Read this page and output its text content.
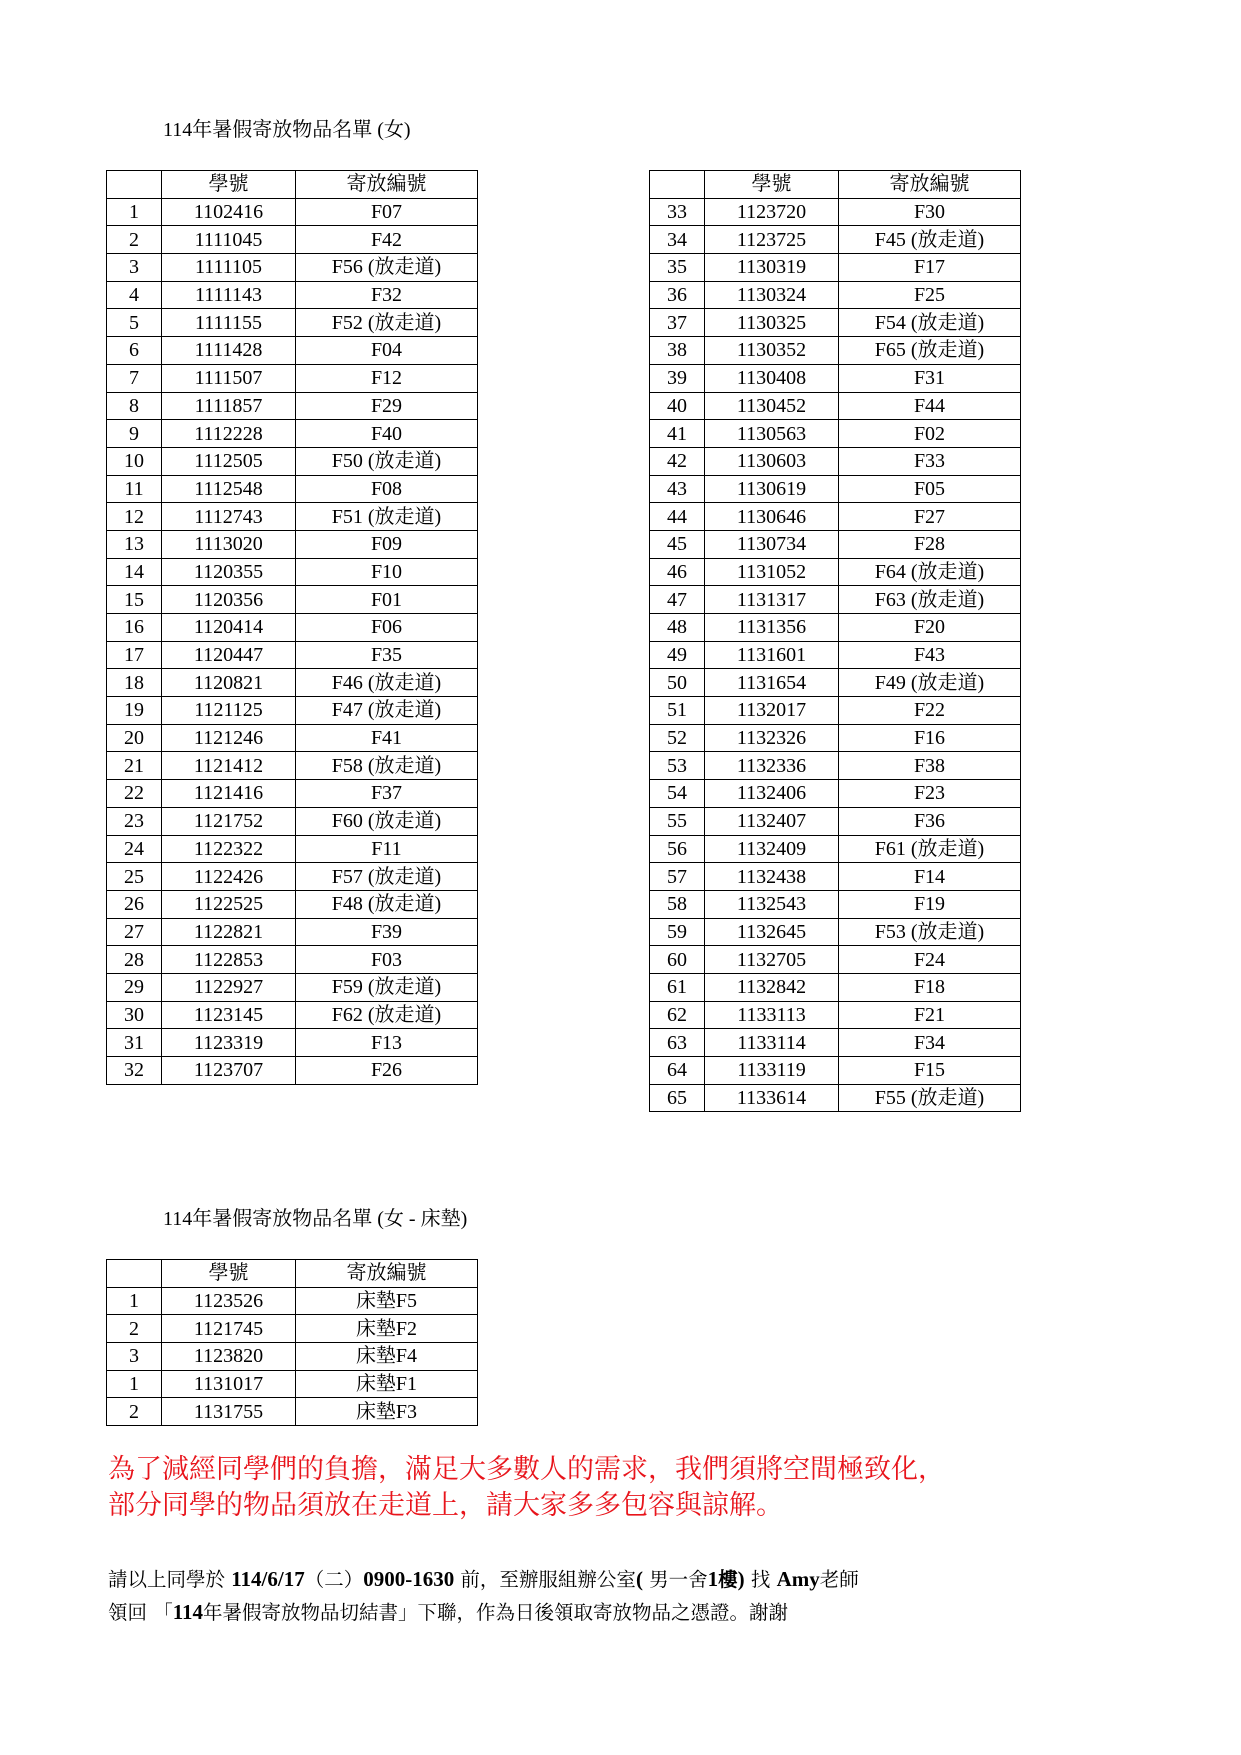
114年暑假寄放物品名單 (女)
	學號	寄放編號
1	1102416	F07
2	1111045	F42
3	1111105	F56 (放走道)
4	1111143	F32
5	1111155	F52 (放走道)
6	1111428	F04
7	1111507	F12
8	1111857	F29
9	1112228	F40
10	1112505	F50 (放走道)
11	1112548	F08
12	1112743	F51 (放走道)
13	1113020	F09
14	1120355	F10
15	1120356	F01
16	1120414	F06
17	1120447	F35
18	1120821	F46 (放走道)
19	1121125	F47 (放走道)
20	1121246	F41
21	1121412	F58 (放走道)
22	1121416	F37
23	1121752	F60 (放走道)
24	1122322	F11
25	1122426	F57 (放走道)
26	1122525	F48 (放走道)
27	1122821	F39
28	1122853	F03
29	1122927	F59 (放走道)
30	1123145	F62 (放走道)
31	1123319	F13
32	1123707	F26
	學號	寄放編號
33	1123720	F30
34	1123725	F45 (放走道)
35	1130319	F17
36	1130324	F25
37	1130325	F54 (放走道)
38	1130352	F65 (放走道)
39	1130408	F31
40	1130452	F44
41	1130563	F02
42	1130603	F33
43	1130619	F05
44	1130646	F27
45	1130734	F28
46	1131052	F64 (放走道)
47	1131317	F63 (放走道)
48	1131356	F20
49	1131601	F43
50	1131654	F49 (放走道)
51	1132017	F22
52	1132326	F16
53	1132336	F38
54	1132406	F23
55	1132407	F36
56	1132409	F61 (放走道)
57	1132438	F14
58	1132543	F19
59	1132645	F53 (放走道)
60	1132705	F24
61	1132842	F18
62	1133113	F21
63	1133114	F34
64	1133119	F15
65	1133614	F55 (放走道)
114年暑假寄放物品名單 (女 - 床墊)
	學號	寄放編號
1	1123526	床墊F5
2	1121745	床墊F2
3	1123820	床墊F4
1	1131017	床墊F1
2	1131755	床墊F3
為了減經同學們的負擔，滿足大多數人的需求，我們須將空間極致化，
部分同學的物品須放在走道上，請大家多多包容與諒解。
請以上同學於 114/6/17（二）0900-1630 前，至辦服組辦公室( 男一舍1樓) 找 Amy老師
領回 「114年暑假寄放物品切結書」下聯，作為日後領取寄放物品之憑證。謝謝
